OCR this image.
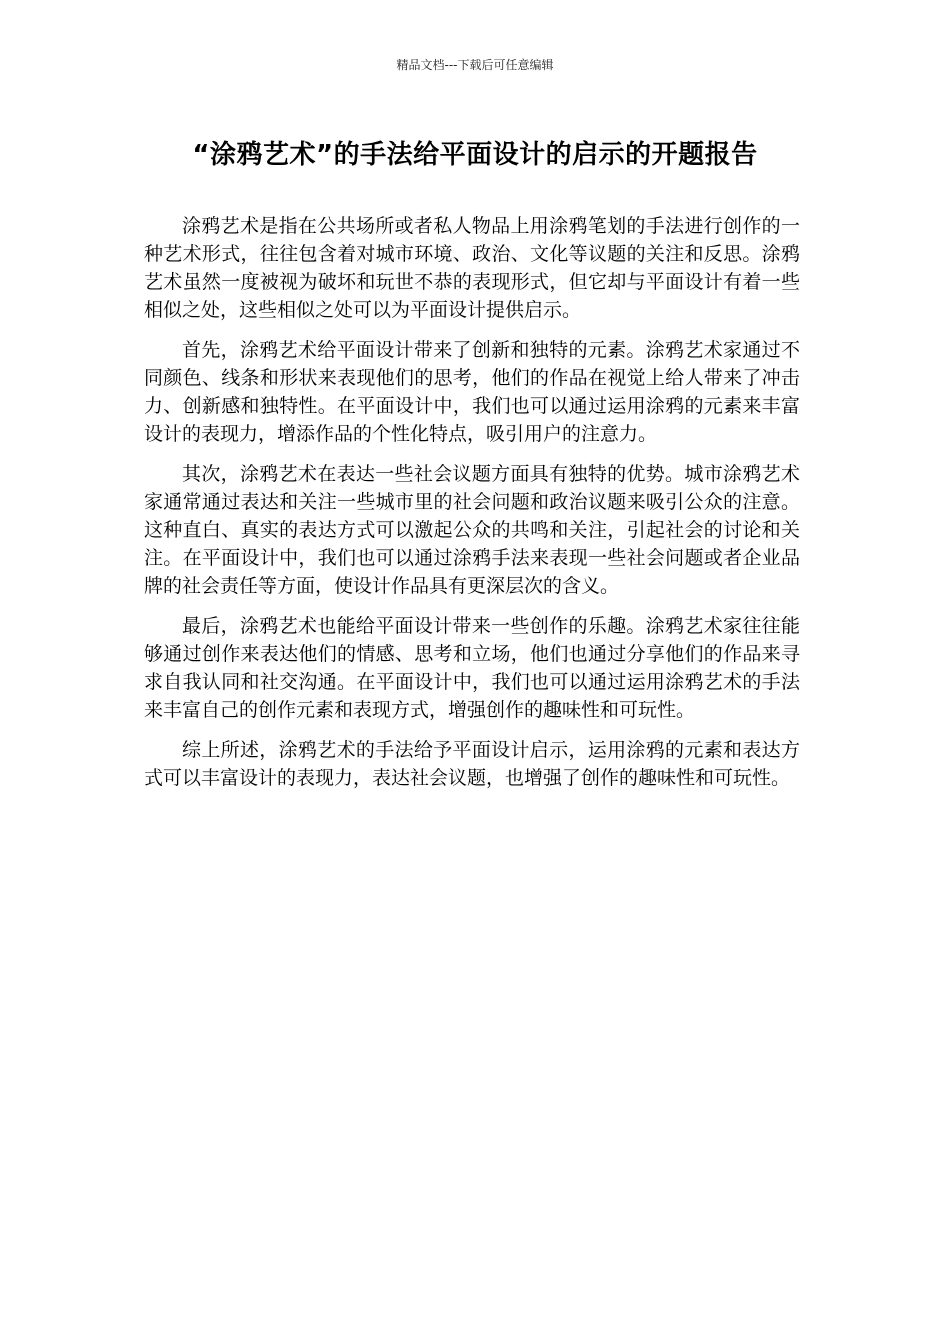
精品文档---下载后可任意编辑
“涂鸦艺术”的手法给平面设计的启示的开题报告

涂鸦艺术是指在公共场所或者私人物品上用涂鸦笔划的手法进行创作的一种艺术形式，往往包含着对城市环境、政治、文化等议题的关注和反思。涂鸦艺术虽然一度被视为破坏和玩世不恭的表现形式，但它却与平面设计有着一些相似之处，这些相似之处可以为平面设计提供启示。

首先，涂鸦艺术给平面设计带来了创新和独特的元素。涂鸦艺术家通过不同颜色、线条和形状来表现他们的思考，他们的作品在视觉上给人带来了冲击力、创新感和独特性。在平面设计中，我们也可以通过运用涂鸦的元素来丰富设计的表现力，增添作品的个性化特点，吸引用户的注意力。

其次，涂鸦艺术在表达一些社会议题方面具有独特的优势。城市涂鸦艺术家通常通过表达和关注一些城市里的社会问题和政治议题来吸引公众的注意。这种直白、真实的表达方式可以激起公众的共鸣和关注，引起社会的讨论和关注。在平面设计中，我们也可以通过涂鸦手法来表现一些社会问题或者企业品牌的社会责任等方面，使设计作品具有更深层次的含义。

最后，涂鸦艺术也能给平面设计带来一些创作的乐趣。涂鸦艺术家往往能够通过创作来表达他们的情感、思考和立场，他们也通过分享他们的作品来寻求自我认同和社交沟通。在平面设计中，我们也可以通过运用涂鸦艺术的手法来丰富自己的创作元素和表现方式，增强创作的趣味性和可玩性。

综上所述，涂鸦艺术的手法给予平面设计启示，运用涂鸦的元素和表达方式可以丰富设计的表现力，表达社会议题，也增强了创作的趣味性和可玩性。
